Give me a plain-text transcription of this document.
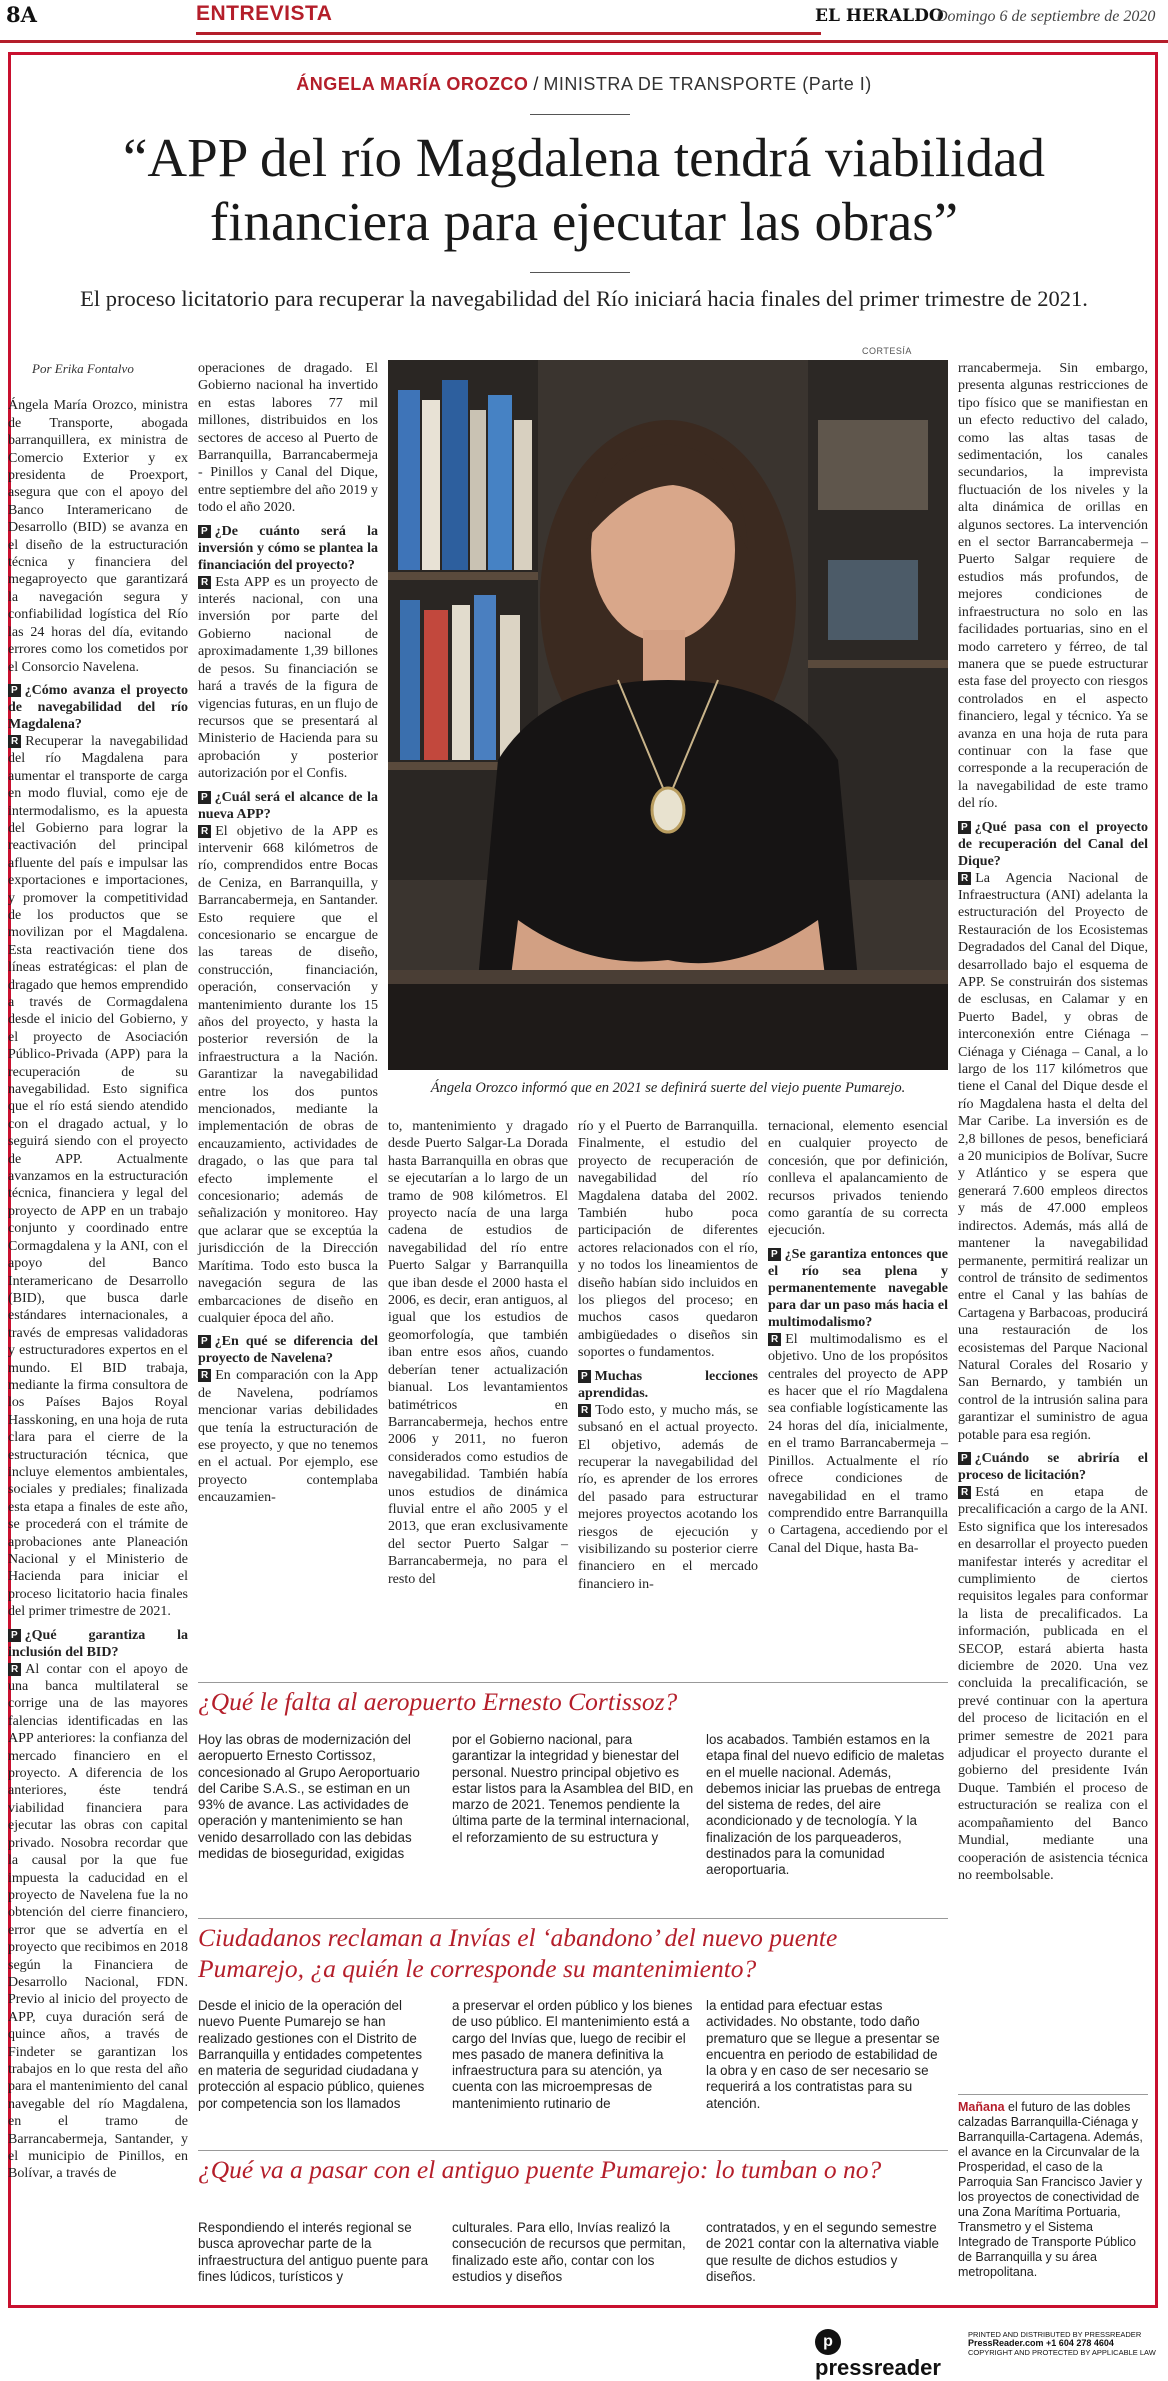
8A	ENTREVISTA	EL HERALDO
Domingo 6 de septiembre de 2020
ÁNGELA MARÍA OROZCO / MINISTRA DE TRANSPORTE (Parte I)
“APP del río Magdalena tendrá viabilidad
financiera para ejecutar las obras”
El proceso licitatorio para recuperar la navegabilidad del Río iniciará hacia finales del primer trimestre de 2021.
CORTESÍA
Ángela Orozco informó que en 2021 se definirá suerte del viejo puente Pumarejo.

Por Erika Fontalvo

Ángela María Orozco, ministra de Transporte, abogada barranquillera, ex ministra de Comercio Exterior y ex presidenta de Proexport, asegura que con el apoyo del Banco Interamericano de Desarrollo (BID) se avanza en el diseño de la estructuración técnica y financiera del megaproyecto que garantizará la navegación segura y confiabilidad logística del Río las 24 horas del día, evitando errores como los cometidos por el Consorcio Navelena.

P ¿Cómo avanza el proyecto de navegabilidad del río Magdalena?

R Recuperar la navegabilidad del río Magdalena para aumentar el transporte de carga en modo fluvial, como eje de intermodalismo, es la apuesta del Gobierno para lograr la reactivación del principal afluente del país e impulsar las exportaciones e importaciones, y promover la competitividad de los productos que se movilizan por el Magdalena. Esta reactivación tiene dos líneas estratégicas: el plan de dragado que hemos emprendido a través de Cormagdalena desde el inicio del Gobierno, y el proyecto de Asociación Público-Privada (APP) para la recuperación de su navegabilidad. Esto significa que el río está siendo atendido con el dragado actual, y lo seguirá siendo con el proyecto de APP. Actualmente avanzamos en la estructuración técnica, financiera y legal del proyecto de APP en un trabajo conjunto y coordinado entre Cormagdalena y la ANI, con el apoyo del Banco Interamericano de Desarrollo (BID), que busca darle estándares internacionales, a través de empresas validadoras y estructuradores expertos en el mundo. El BID trabaja, mediante la firma consultora de los Países Bajos Royal Hasskoning, en una hoja de ruta clara para el cierre de la estructuración técnica, que incluye elementos ambientales, sociales y prediales; finalizada esta etapa a finales de este año, se procederá con el trámite de aprobaciones ante Planeación Nacional y el Ministerio de Hacienda para iniciar el proceso licitatorio hacia finales del primer trimestre de 2021.

P ¿Qué garantiza la inclusión del BID?

R Al contar con el apoyo de una banca multilateral se corrige una de las mayores falencias identificadas en las APP anteriores: la confianza del mercado financiero en el proyecto. A diferencia de los anteriores, éste tendrá viabilidad financiera para ejecutar las obras con capital privado. Nosobra recordar que la causal por la que fue impuesta la caducidad en el proyecto de Navelena fue la no obtención del cierre financiero, error que se advertía en el proyecto que recibimos en 2018 según la Financiera de Desarrollo Nacional, FDN. Previo al inicio del proyecto de APP, cuya duración será de quince años, a través de Findeter se garantizan los trabajos en lo que resta del año para el mantenimiento del canal navegable del río Magdalena, en el tramo de Barrancabermeja, Santander, y el municipio de Pinillos, en Bolívar, a través de

operaciones de dragado. El Gobierno nacional ha invertido en estas labores 77 mil millones, distribuidos en los sectores de acceso al Puerto de Barranquilla, Barrancabermeja - Pinillos y Canal del Dique, entre septiembre del año 2019 y todo el año 2020.

P ¿De cuánto será la inversión y cómo se plantea la financiación del proyecto?

R Esta APP es un proyecto de interés nacional, con una inversión por parte del Gobierno nacional de aproximadamente 1,39 billones de pesos. Su financiación se hará a través de la figura de vigencias futuras, en un flujo de recursos que se presentará al Ministerio de Hacienda para su aprobación y posterior autorización por el Confis.

P ¿Cuál será el alcance de la nueva APP?

R El objetivo de la APP es intervenir 668 kilómetros de río, comprendidos entre Bocas de Ceniza, en Barranquilla, y Barrancabermeja, en Santander. Esto requiere que el concesionario se encargue de las tareas de diseño, construcción, financiación, operación, conservación y mantenimiento durante los 15 años del proyecto, y hasta la posterior reversión de la infraestructura a la Nación. Garantizar la navegabilidad entre los dos puntos mencionados, mediante la implementación de obras de encauzamiento, actividades de dragado, o las que para tal efecto implemente el concesionario; además de señalización y monitoreo. Hay que aclarar que se exceptúa la jurisdicción de la Dirección Marítima. Todo esto busca la navegación segura de las embarcaciones de diseño en cualquier época del año.

P ¿En qué se diferencia del proyecto de Navelena?

R En comparación con la App de Navelena, podríamos mencionar varias debilidades que tenía la estructuración de ese proyecto, y que no tenemos en el actual. Por ejemplo, ese proyecto contemplaba encauzamien-

to, mantenimiento y dragado desde Puerto Salgar-La Dorada hasta Barranquilla en obras que se ejecutarían a lo largo de un tramo de 908 kilómetros. El proyecto nacía de una larga cadena de estudios de navegabilidad del río entre Puerto Salgar y Barranquilla que iban desde el 2000 hasta el 2006, es decir, eran antiguos, al igual que los estudios de geomorfología, que también iban entre esos años, cuando deberían tener actualización bianual. Los levantamientos batimétricos en Barrancabermeja, hechos entre 2006 y 2011, no fueron considerados como estudios de navegabilidad. También había unos estudios de dinámica fluvial entre el año 2005 y el 2013, que eran exclusivamente del sector Puerto Salgar – Barrancabermeja, no para el resto del

río y el Puerto de Barranquilla. Finalmente, el estudio del proyecto de recuperación de navegabilidad del río Magdalena databa del 2002. También hubo poca participación de diferentes actores relacionados con el río, y no todos los lineamientos de diseño habían sido incluidos en los pliegos del proceso; en muchos casos quedaron ambigüedades o diseños sin soportes o fundamentos.

P Muchas lecciones aprendidas.

R Todo esto, y mucho más, se subsanó en el actual proyecto. El objetivo, además de recuperar la navegabilidad del río, es aprender de los errores del pasado para estructurar mejores proyectos acotando los riesgos de ejecución y visibilizando su posterior cierre financiero en el mercado financiero in-

ternacional, elemento esencial en cualquier proyecto de concesión, que por definición, conlleva el apalancamiento de recursos privados teniendo como garantía de su correcta ejecución.

P ¿Se garantiza entonces que el río sea plena y permanentemente navegable para dar un paso más hacia el multimodalismo?

R El multimodalismo es el objetivo. Uno de los propósitos centrales del proyecto de APP es hacer que el río Magdalena sea confiable logísticamente las 24 horas del día, inicialmente, en el tramo Barrancabermeja – Pinillos. Actualmente el río ofrece condiciones de navegabilidad en el tramo comprendido entre Barranquilla o Cartagena, accediendo por el Canal del Dique, hasta Ba-

rrancabermeja. Sin embargo, presenta algunas restricciones de tipo físico que se manifiestan en un efecto reductivo del calado, como las altas tasas de sedimentación, los canales secundarios, la imprevista fluctuación de los niveles y la alta dinámica de orillas en algunos sectores. La intervención en el sector Barrancabermeja – Puerto Salgar requiere de estudios más profundos, de mejores condiciones de infraestructura no solo en las facilidades portuarias, sino en el modo carretero y férreo, de tal manera que se puede estructurar esta fase del proyecto con riesgos controlados en el aspecto financiero, legal y técnico. Ya se avanza en una hoja de ruta para continuar con la fase que corresponde a la recuperación de la navegabilidad de este tramo del río.

P ¿Qué pasa con el proyecto de recuperación del Canal del Dique?

R La Agencia Nacional de Infraestructura (ANI) adelanta la estructuración del Proyecto de Restauración de los Ecosistemas Degradados del Canal del Dique, desarrollado bajo el esquema de APP. Se construirán dos sistemas de esclusas, en Calamar y en Puerto Badel, y obras de interconexión entre Ciénaga – Ciénaga y Ciénaga – Canal, a lo largo de los 117 kilómetros que tiene el Canal del Dique desde el río Magdalena hasta el delta del Mar Caribe. La inversión es de 2,8 billones de pesos, beneficiará a 20 municipios de Bolívar, Sucre y Atlántico y se espera que generará 7.600 empleos directos y más de 47.000 empleos indirectos. Además, más allá de mantener la navegabilidad permanente, permitirá realizar un control de tránsito de sedimentos entre el Canal y las bahías de Cartagena y Barbacoas, producirá una restauración de los ecosistemas del Parque Nacional Natural Corales del Rosario y San Bernardo, y también un control de la intrusión salina para garantizar el suministro de agua potable para esa región.

P ¿Cuándo se abriría el proceso de licitación?

R Está en etapa de precalificación a cargo de la ANI. Esto significa que los interesados en desarrollar el proyecto pueden manifestar interés y acreditar el cumplimiento de ciertos requisitos legales para conformar la lista de precalificados. La información, publicada en el SECOP, estará abierta hasta diciembre de 2020. Una vez concluida la precalificación, se prevé continuar con la apertura del proceso de licitación en el primer semestre de 2021 para adjudicar el proyecto durante el gobierno del presidente Iván Duque. También el proceso de estructuración se realiza con el acompañamiento del Banco Mundial, mediante una cooperación de asistencia técnica no reembolsable.

¿Qué le falta al aeropuerto Ernesto Cortissoz?
Hoy las obras de modernización del aeropuerto Ernesto Cortissoz, concesionado al Grupo Aeroportuario del Caribe S.A.S., se estiman en un 93% de avance. Las actividades de operación y mantenimiento se han venido desarrollado con las debidas medidas de bioseguridad, exigidas
por el Gobierno nacional, para garantizar la integridad y bienestar del personal. Nuestro principal objetivo es estar listos para la Asamblea del BID, en marzo de 2021. Tenemos pendiente la última parte de la terminal internacional, el reforzamiento de su estructura y
los acabados. También estamos en la etapa final del nuevo edificio de maletas en el muelle nacional. Además, debemos iniciar las pruebas de entrega del sistema de redes, del aire acondicionado y de tecnología. Y la finalización de los parqueaderos, destinados para la comunidad aeroportuaria.
Ciudadanos reclaman a Invías el ‘abandono’ del nuevo puente Pumarejo, ¿a quién le corresponde su mantenimiento?
Desde el inicio de la operación del nuevo Puente Pumarejo se han realizado gestiones con el Distrito de Barranquilla y entidades competentes en materia de seguridad ciudadana y protección al espacio público, quienes por competencia son los llamados
a preservar el orden público y los bienes de uso público. El mantenimiento está a cargo del Invías que, luego de recibir el mes pasado de manera definitiva la infraestructura para su atención, ya cuenta con las microempresas de mantenimiento rutinario de
la entidad para efectuar estas actividades. No obstante, todo daño prematuro que se llegue a presentar se encuentra en periodo de estabilidad de la obra y en caso de ser necesario se requerirá a los contratistas para su atención.
¿Qué va a pasar con el antiguo puente Pumarejo: lo tumban o no?
Respondiendo el interés regional se busca aprovechar parte de la infraestructura del antiguo puente para fines lúdicos, turísticos y
culturales. Para ello, Invías realizó la consecución de recursos que permitan, finalizado este año, contar con los estudios y diseños
contratados, y en el segundo semestre de 2021 contar con la alternativa viable que resulte de dichos estudios y diseños.
Mañana el futuro de las dobles calzadas Barranquilla-Ciénaga y Barranquilla-Cartagena. Además, el avance en la Circunvalar de la Prosperidad, el caso de la Parroquia San Francisco Javier y los proyectos de conectividad de una Zona Marítima Portuaria, Transmetro y el Sistema Integrado de Transporte Público de Barranquilla y su área metropolitana.
ppressreader
PRINTED AND DISTRIBUTED BY PRESSREADER
PressReader.com +1 604 278 4604
COPYRIGHT AND PROTECTED BY APPLICABLE LAW
